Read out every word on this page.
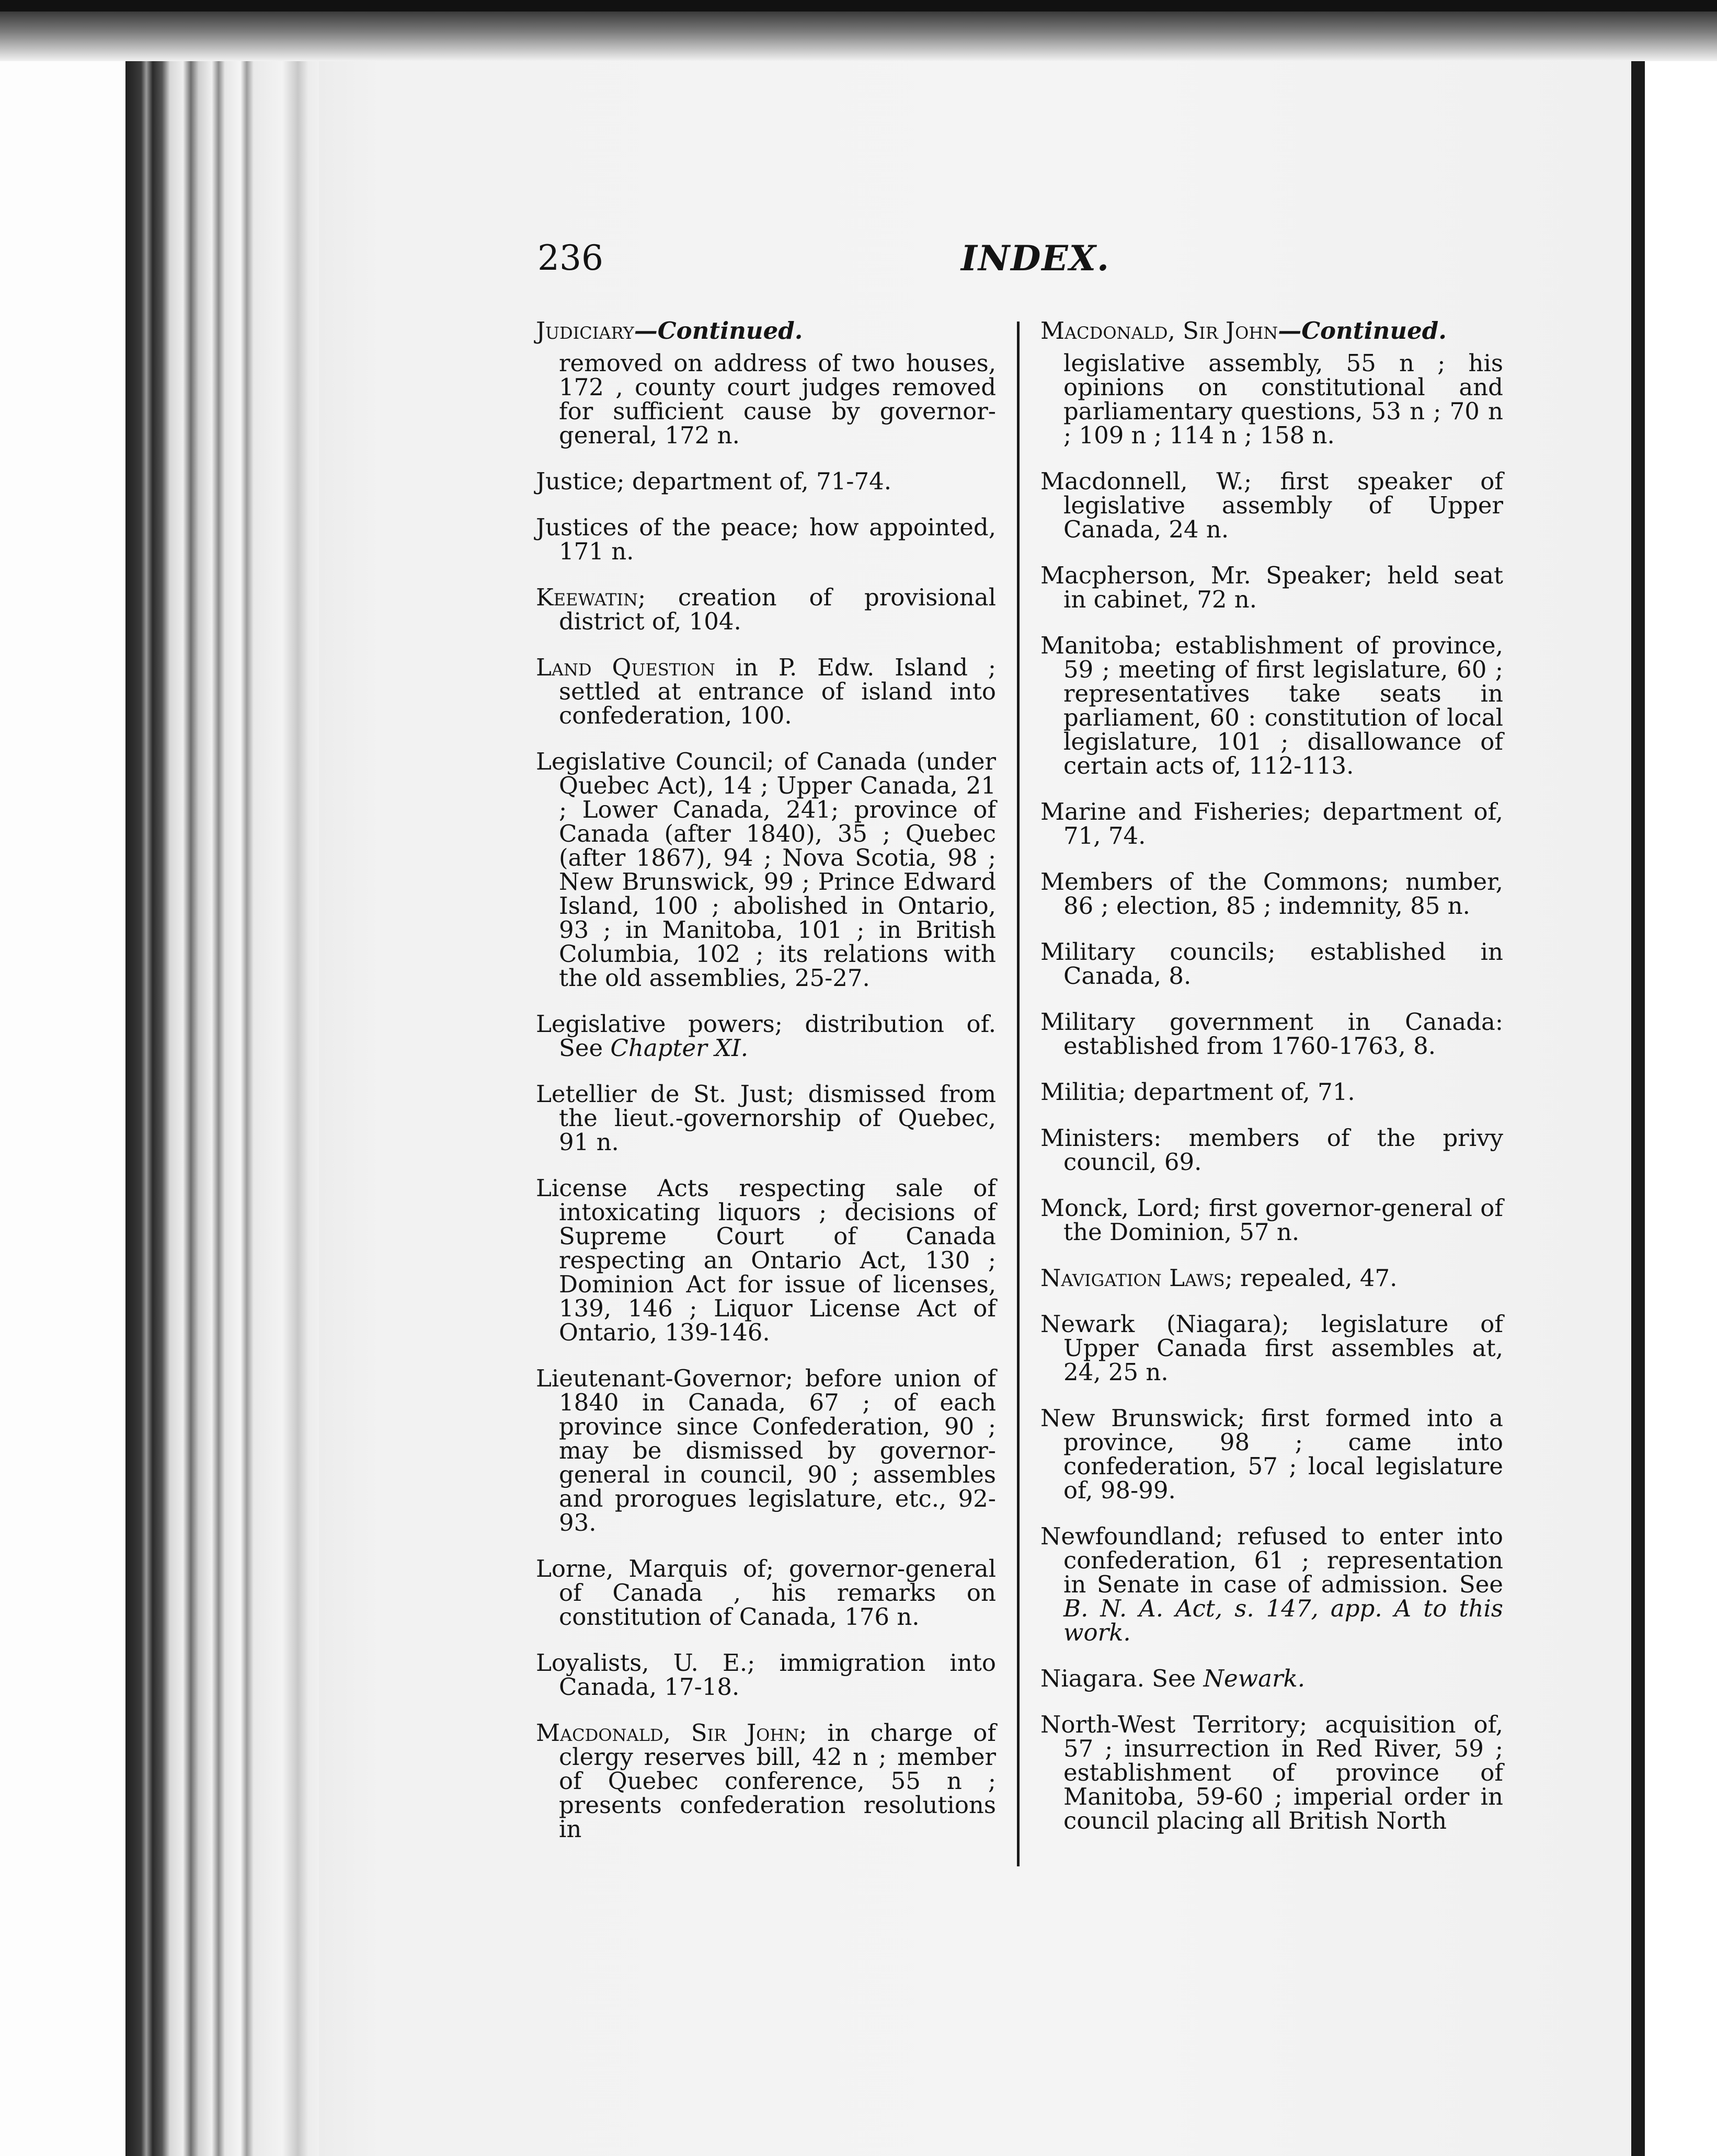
236	INDEX.

Judiciary—Continued.

removed on address of two houses, 172 , county court judges removed for sufficient cause by governor-general, 172 n.

Justice; department of, 71-74.

Justices of the peace; how appointed, 171 n.

Keewatin; creation of provisional district of, 104.

Land Question in P. Edw. Island ; settled at entrance of island into confederation, 100.

Legislative Council; of Canada (under Quebec Act), 14 ; Upper Canada, 21 ; Lower Canada, 241; province of Canada (after 1840), 35 ; Quebec (after 1867), 94 ; Nova Scotia, 98 ; New Brunswick, 99 ; Prince Edward Island, 100 ; abolished in Ontario, 93 ; in Manitoba, 101 ; in British Columbia, 102 ; its relations with the old assemblies, 25-27.

Legislative powers; distribution of. See Chapter XI.

Letellier de St. Just; dismissed from the lieut.-governorship of Quebec, 91 n.

License Acts respecting sale of intoxicating liquors ; decisions of Supreme Court of Canada respecting an Ontario Act, 130 ; Dominion Act for issue of licenses, 139, 146 ; Liquor License Act of Ontario, 139-146.

Lieutenant-Governor; before union of 1840 in Canada, 67 ; of each province since Confederation, 90 ; may be dismissed by governor-general in council, 90 ; assembles and prorogues legislature, etc., 92-93.

Lorne, Marquis of; governor-general of Canada , his remarks on constitution of Canada, 176 n.

Loyalists, U. E.; immigration into Canada, 17-18.

Macdonald, Sir John; in charge of clergy reserves bill, 42 n ; member of Quebec conference, 55 n ; presents confederation resolutions in

Macdonald, Sir John—Continued.

legislative assembly, 55 n ; his opinions on constitutional and parliamentary questions, 53 n ; 70 n ; 109 n ; 114 n ; 158 n.

Macdonnell, W.; first speaker of legislative assembly of Upper Canada, 24 n.

Macpherson, Mr. Speaker; held seat in cabinet, 72 n.

Manitoba; establishment of province, 59 ; meeting of first legislature, 60 ; representatives take seats in parliament, 60 : constitution of local legislature, 101 ; disallowance of certain acts of, 112-113.

Marine and Fisheries; department of, 71, 74.

Members of the Commons; number, 86 ; election, 85 ; indemnity, 85 n.

Military councils; established in Canada, 8.

Military government in Canada: established from 1760-1763, 8.

Militia; department of, 71.

Ministers: members of the privy council, 69.

Monck, Lord; first governor-general of the Dominion, 57 n.

Navigation Laws; repealed, 47.

Newark (Niagara); legislature of Upper Canada first assembles at, 24, 25 n.

New Brunswick; first formed into a province, 98 ; came into confederation, 57 ; local legislature of, 98-99.

Newfoundland; refused to enter into confederation, 61 ; representation in Senate in case of admission. See B. N. A. Act, s. 147, app. A to this work.

Niagara. See Newark.

North-West Territory; acquisition of, 57 ; insurrection in Red River, 59 ; establishment of province of Manitoba, 59-60 ; imperial order in council placing all British North
